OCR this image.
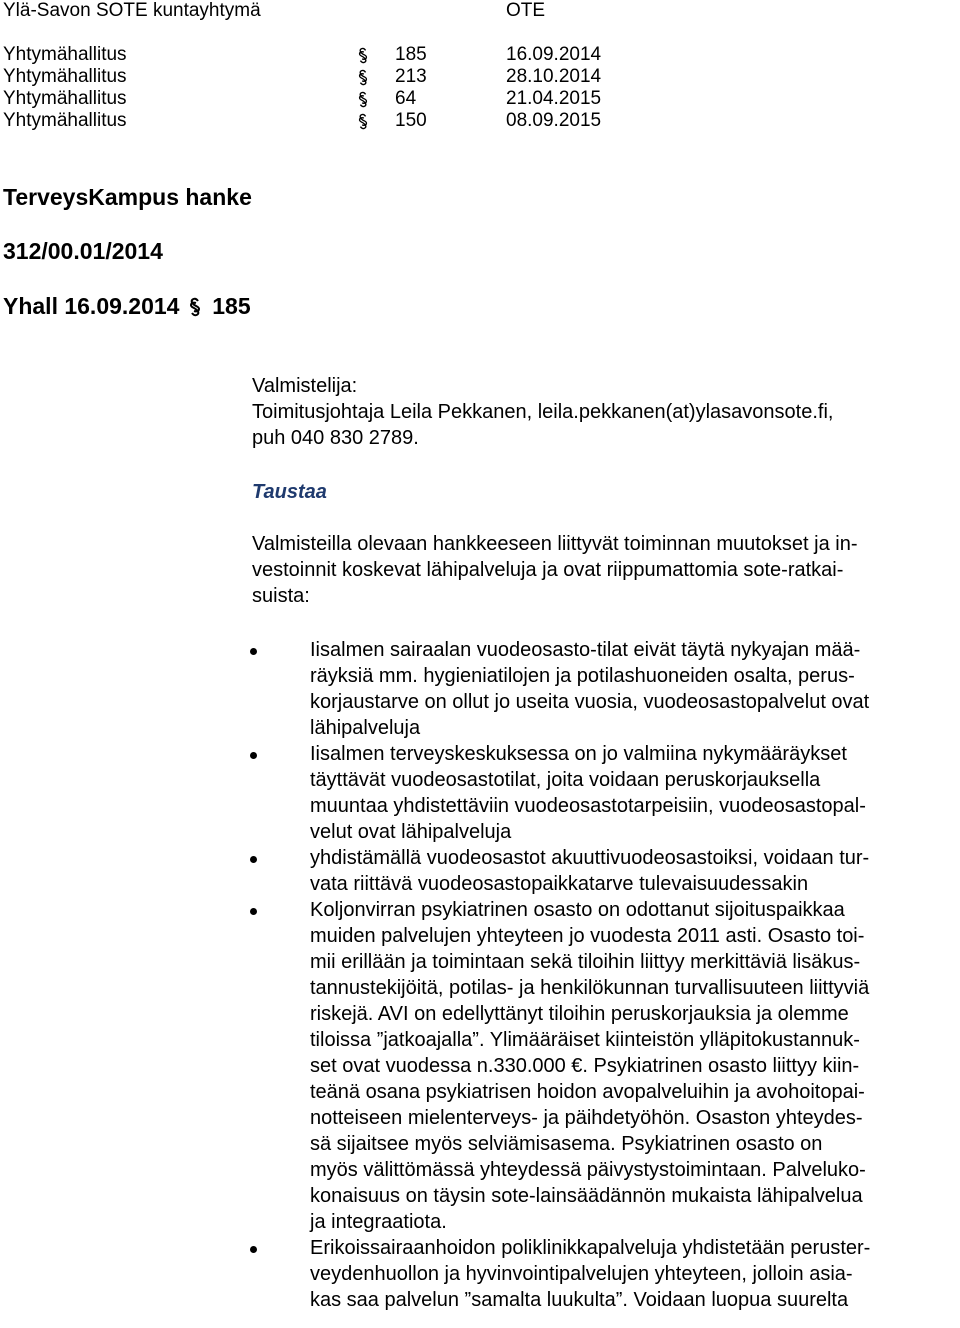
Ylä-Savon SOTE kuntayhtymä	OTE
Yhtymähallitus	185	16.09.2014
Yhtymähallitus	213	28.10.2014
Yhtymähallitus	64	21.04.2015
Yhtymähallitus	150	08.09.2015
TerveysKampus hanke
312/00.01/2014
Yhall 16.09.2014 185
Valmistelija:
Toimitusjohtaja Leila Pekkanen, leila.pekkanen(at)ylasavonsote.fi,
puh 040 830 2789.
Taustaa
Valmisteilla olevaan hankkeeseen liittyvät toiminnan muutokset ja in-
vestoinnit koskevat lähipalveluja ja ovat riippumattomia sote-ratkai-
suista:
Iisalmen sairaalan vuodeosasto-tilat eivät täytä nykyajan mää-
räyksiä mm. hygieniatilojen ja potilashuoneiden osalta, perus-
korjaustarve on ollut jo useita vuosia, vuodeosastopalvelut ovat
lähipalveluja
Iisalmen terveyskeskuksessa on jo valmiina nykymääräykset
täyttävät vuodeosastotilat, joita voidaan peruskorjauksella
muuntaa yhdistettäviin vuodeosastotarpeisiin, vuodeosastopal-
velut ovat lähipalveluja
yhdistämällä vuodeosastot akuuttivuodeosastoiksi, voidaan tur-
vata riittävä vuodeosastopaikkatarve tulevaisuudessakin
Koljonvirran psykiatrinen osasto on odottanut sijoituspaikkaa
muiden palvelujen yhteyteen jo vuodesta 2011 asti. Osasto toi-
mii erillään ja toimintaan sekä tiloihin liittyy merkittäviä lisäkus-
tannustekijöitä, potilas- ja henkilökunnan turvallisuuteen liittyviä
riskejä. AVI on edellyttänyt tiloihin peruskorjauksia ja olemme
tiloissa ”jatkoajalla”. Ylimääräiset kiinteistön ylläpitokustannuk-
set ovat vuodessa n.330.000 €. Psykiatrinen osasto liittyy kiin-
teänä osana psykiatrisen hoidon avopalveluihin ja avohoitopai-
notteiseen mielenterveys- ja päihdetyöhön. Osaston yhteydes-
sä sijaitsee myös selviämisasema. Psykiatrinen osasto on
myös välittömässä yhteydessä päivystystoimintaan. Palveluko-
konaisuus on täysin sote-lainsäädännön mukaista lähipalvelua
ja integraatiota.
Erikoissairaanhoidon poliklinikkapalveluja yhdistetään peruster-
veydenhuollon ja hyvinvointipalvelujen yhteyteen, jolloin asia-
kas saa palvelun ”samalta luukulta”. Voidaan luopua suurelta
